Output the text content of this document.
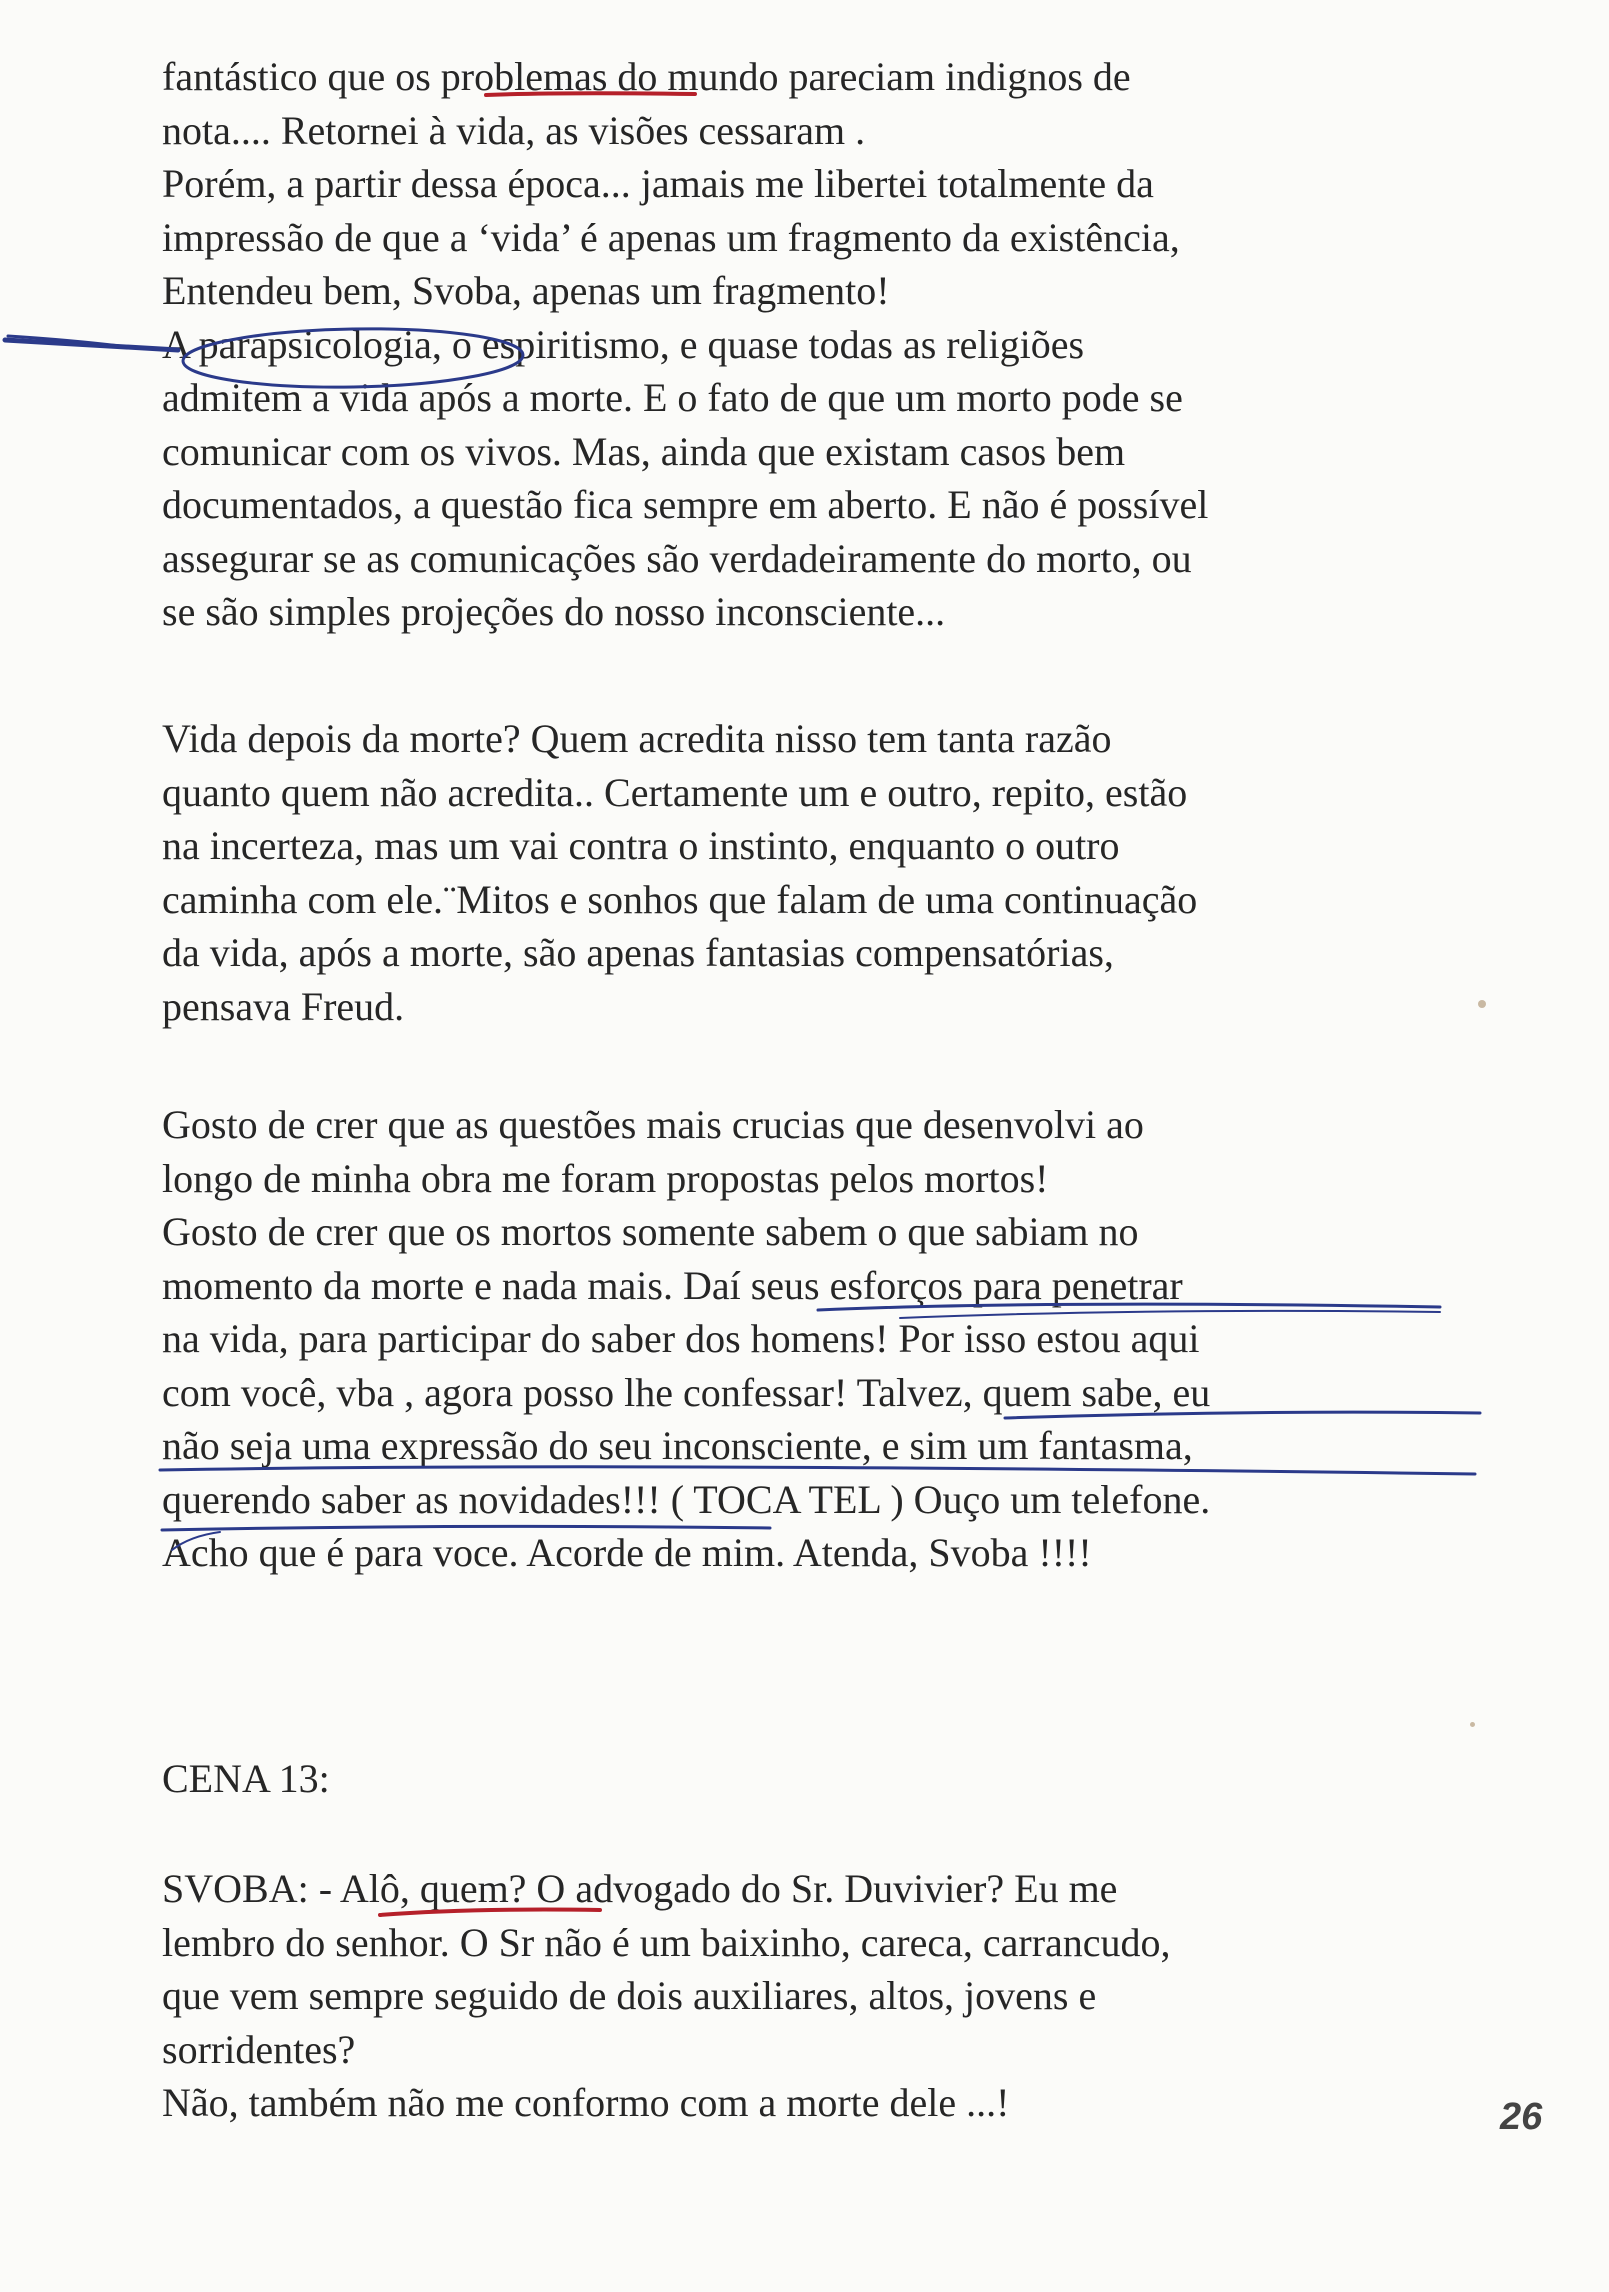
fantástico que os problemas do mundo pareciam indignos de
nota.... Retornei à vida, as visões cessaram .
Porém, a partir dessa época... jamais me libertei totalmente da
impressão de que a ‘vida’ é apenas um fragmento da existência,
Entendeu bem, Svoba, apenas um fragmento!
A parapsicologia, o espiritismo, e quase todas as religiões
admitem a vida após a morte. E o fato de que um morto pode se
comunicar com os vivos. Mas, ainda que existam casos bem
documentados, a questão fica sempre em aberto. E não é possível
assegurar se as comunicações são verdadeiramente do morto, ou
se são simples projeções do nosso inconsciente...
Vida depois da morte? Quem acredita nisso tem tanta razão
quanto quem não acredita.. Certamente um e outro, repito, estão
na incerteza, mas um vai contra o instinto, enquanto o outro
caminha com ele.¨Mitos e sonhos que falam de uma continuação
da vida, após a morte, são apenas fantasias compensatórias,
pensava Freud.
Gosto de crer que as questões mais crucias que desenvolvi ao
longo de minha obra me foram propostas pelos mortos!
Gosto de crer que os mortos somente sabem o que sabiam no
momento da morte e nada mais. Daí seus esforços para penetrar
na vida, para participar do saber dos homens! Por isso estou aqui
com você, vba , agora posso lhe confessar! Talvez, quem sabe, eu
não seja uma expressão do seu inconsciente, e sim um fantasma,
querendo saber as novidades!!! ( TOCA TEL ) Ouço um telefone.
Acho que é para voce. Acorde de mim. Atenda, Svoba !!!!
CENA 13:
SVOBA: - Alô, quem? O advogado do Sr. Duvivier? Eu me
lembro do senhor. O Sr não é um baixinho, careca, carrancudo,
que vem sempre seguido de dois auxiliares, altos, jovens e
sorridentes?
Não, também não me conformo com a morte dele ...!	26
